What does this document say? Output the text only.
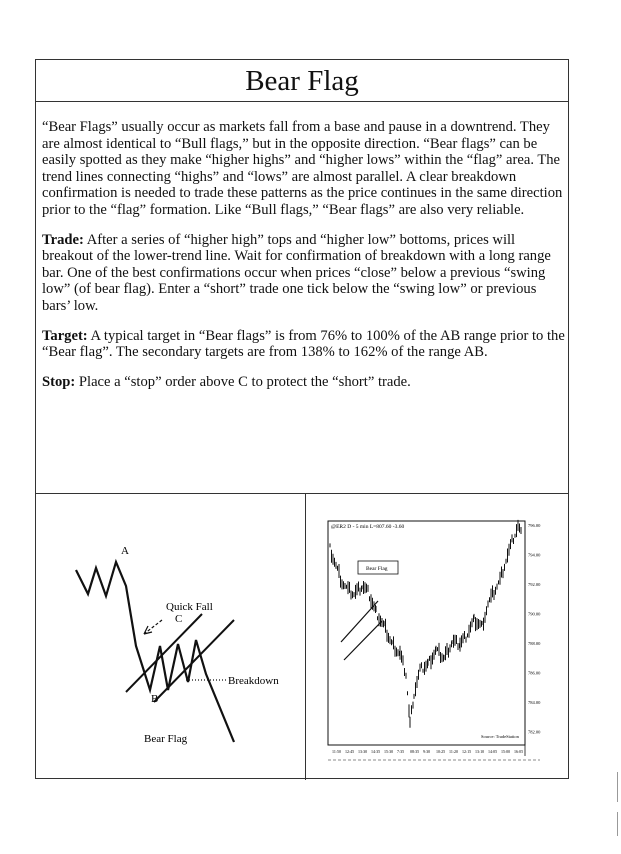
Bear Flag

“Bear Flags” usually occur as markets fall from a base and pause in a downtrend. They are almost identical to “Bull flags,” but in the opposite direction. “Bear flags” can be easily spotted as they make “higher highs” and “higher lows” within the “flag” area. The trend lines connecting “highs” and “lows” are almost parallel. A clear breakdown confirmation is needed to trade these patterns as the price continues in the same direction prior to the “flag” formation. Like “Bull flags,” “Bear flags” are also very reliable.

Trade: After a series of “higher high” tops and “higher low” bottoms, prices will breakout of the lower-trend line. Wait for confirmation of breakdown with a long range bar. One of the best confirmations occur when prices “close” below a previous “swing low” (of bear flag). Enter a “short” trade one tick below the “swing low” or previous bars’ low.

Target: A typical target in “Bear flags” is from 76% to 100% of the AB range prior to the “Bear flag”. The secondary targets are from 138% to 162% of the range AB.

Stop: Place a “stop” order above C to protect the “short” trade.

A
B
C
Quick Fall
Breakdown
Bear Flag
@ER2 D - 5 min L=807.60 -3.60
Bear Flag
796.00
794.00
792.00
790.00
788.00
786.00
784.00
782.00
11:50 12:45 13:30 14:35 15:30 7:35 08:35 9:30 10:25 11:20 12:15 13:10 14:05 15:00 16:05
Source: TradeStation
